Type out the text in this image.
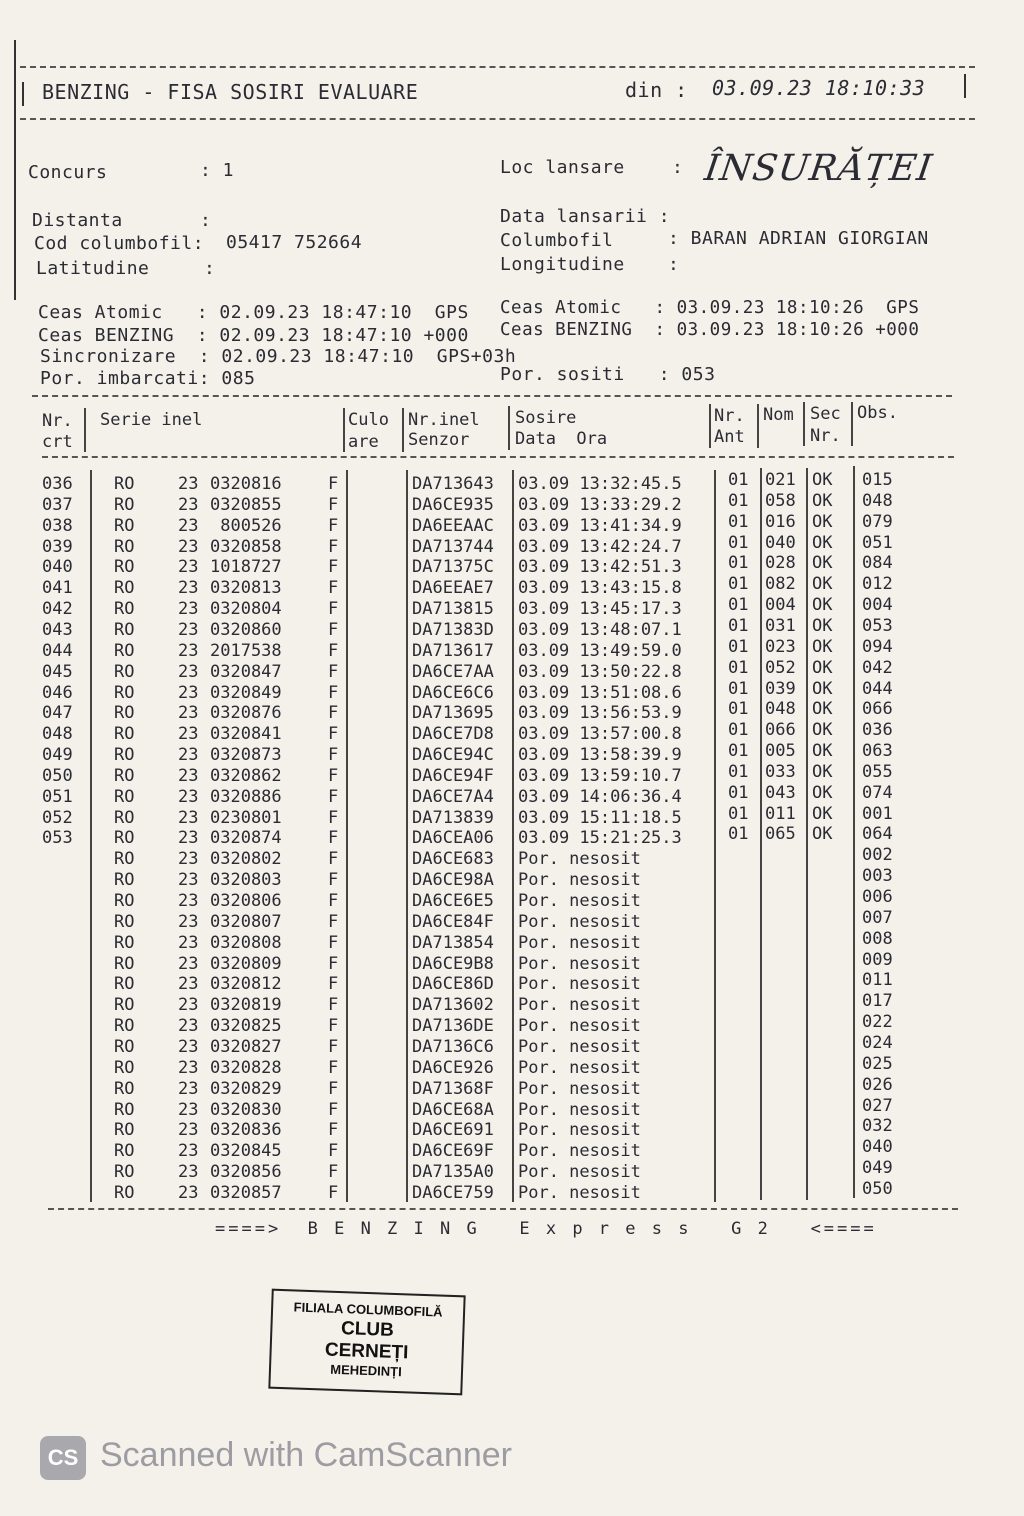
BENZING - FISA SOSIRI EVALUARE	din : 03.09.23 18:10:33
Concurs	: 1	Loc lansare	: ÎNSURĂȚEI
Distanta	:
Cod columbofil: 05417 752664
Latitudine	:
Data lansarii :
Columbofil	: BARAN ADRIAN GIORGIAN
Longitudine :
Ceas Atomic   : 02.09.23 18:47:10  GPS
Ceas BENZING  : 02.09.23 18:47:10 +000
Sincronizare  : 02.09.23 18:47:10  GPS+03h
Por. imbarcati: 085
Ceas Atomic   : 03.09.23 18:10:26  GPS
Ceas BENZING  : 03.09.23 18:10:26 +000
Por. sositi   : 053
Nr.
crt
Serie inel	Culo
are
Nr.inel
Senzor
Sosire
Data  Ora
Nr.
Ant
Nom Sec
Nr.
Obs.
036 RO	23 0320816	F	DA713643 03.09 13:32:45.5	01 021 OK 015
037 RO	23 0320855	F	DA6CE935 03.09 13:33:29.2	01 058 OK 048
038 RO	23 800526	F	DA6EEAAC 03.09 13:41:34.9	01 016 OK 079
039 RO	23 0320858	F	DA713744 03.09 13:42:24.7	01 040 OK 051
040 RO	23 1018727	F	DA71375C 03.09 13:42:51.3	01 028 OK 084
041 RO	23 0320813	F	DA6EEAE7 03.09 13:43:15.8	01 082 OK 012
042 RO	23 0320804	F	DA713815 03.09 13:45:17.3	01 004 OK 004
043 RO	23 0320860	F	DA71383D 03.09 13:48:07.1	01 031 OK 053
044 RO	23 2017538	F	DA713617 03.09 13:49:59.0	01 023 OK 094
045 RO	23 0320847	F	DA6CE7AA 03.09 13:50:22.8	01 052 OK 042
046 RO	23 0320849	F	DA6CE6C6 03.09 13:51:08.6	01 039 OK 044
047 RO	23 0320876	F	DA713695 03.09 13:56:53.9	01 048 OK 066
048 RO	23 0320841	F	DA6CE7D8 03.09 13:57:00.8	01 066 OK 036
049 RO	23 0320873	F	DA6CE94C 03.09 13:58:39.9	01 005 OK 063
050 RO	23 0320862	F	DA6CE94F 03.09 13:59:10.7	01 033 OK 055
051 RO	23 0320886	F	DA6CE7A4 03.09 14:06:36.4	01 043 OK 074
052 RO	23 0230801	F	DA713839 03.09 15:11:18.5	01 011 OK 001
053 RO	23 0320874	F	DA6CEA06 03.09 15:21:25.3	01 065 OK 064
RO	23 0320802	F	DA6CE683 Por. nesosit	002
RO	23 0320803	F	DA6CE98A Por. nesosit	003
RO	23 0320806	F	DA6CE6E5 Por. nesosit	006
RO	23 0320807	F	DA6CE84F Por. nesosit	007
RO	23 0320808	F	DA713854 Por. nesosit	008
RO	23 0320809	F	DA6CE9B8 Por. nesosit	009
RO	23 0320812	F	DA6CE86D Por. nesosit	011
RO	23 0320819	F	DA713602 Por. nesosit	017
RO	23 0320825	F	DA7136DE Por. nesosit	022
RO	23 0320827	F	DA7136C6 Por. nesosit	024
RO	23 0320828	F	DA6CE926 Por. nesosit	025
RO	23 0320829	F	DA71368F Por. nesosit	026
RO	23 0320830	F	DA6CE68A Por. nesosit	027
RO	23 0320836	F	DA6CE691 Por. nesosit	032
RO	23 0320845	F	DA6CE69F Por. nesosit	040
RO	23 0320856	F	DA7135A0 Por. nesosit	049
RO	23 0320857	F	DA6CE759 Por. nesosit	050
====>  B E N Z I N G   E x p r e s s   G 2   <====
FILIALA COLUMBOFILĂ
CLUB
CERNEȚI
MEHEDINȚI
CS Scanned with CamScanner
